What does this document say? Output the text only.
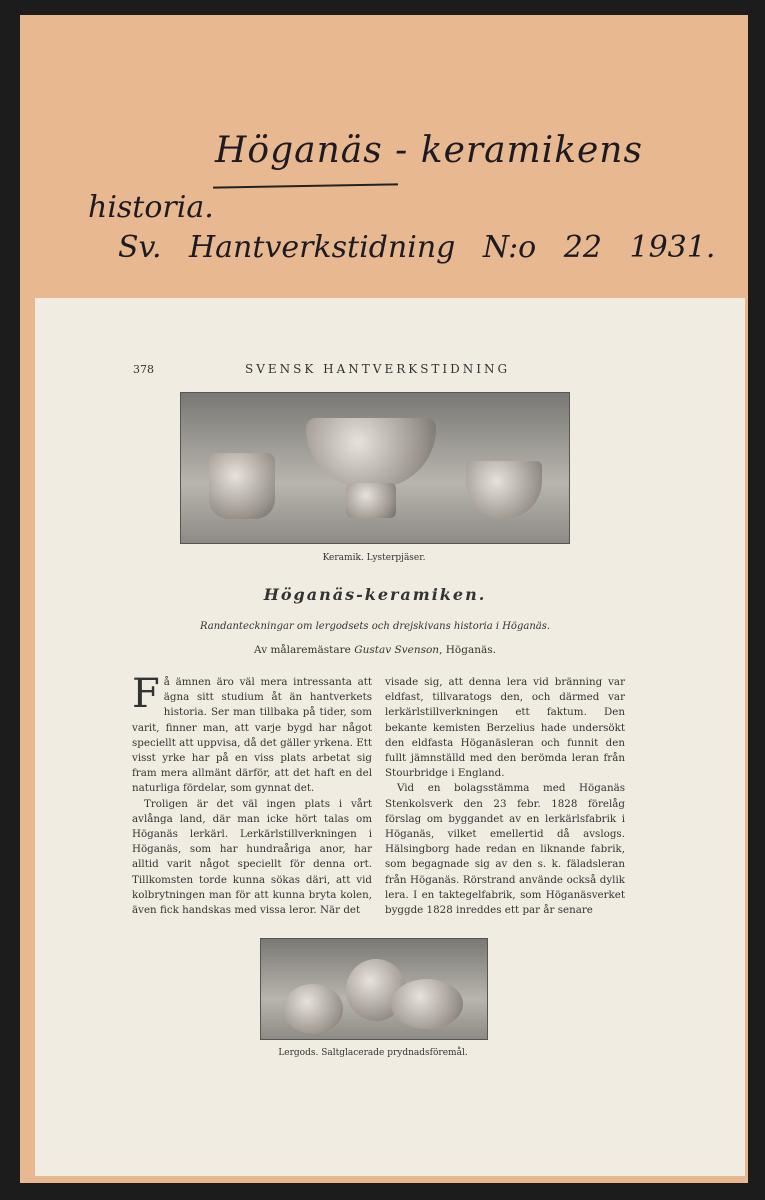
Höganäs - keramikens
historia.
Sv. Hantverkstidning N:o 22 1931.
378	SVENSK HANTVERKSTIDNING
Keramik. Lysterpjäser.
Höganäs-keramiken.
Randanteckningar om lergodsets och drejskivans historia i Höganäs.
Av målaremästare Gustav Svenson, Höganäs.

Få ämnen äro väl mera intressanta att ägna sitt studium åt än hantverkets historia. Ser man tillbaka på tider, som varit, finner man, att varje bygd har något speciellt att uppvisa, då det gäller yrkena. Ett visst yrke har på en viss plats arbetat sig fram mera allmänt därför, att det haft en del naturliga fördelar, som gynnat det.

Troligen är det väl ingen plats i vårt avlånga land, där man icke hört talas om Höganäs lerkärl. Lerkärlstillverkningen i Höganäs, som har hundraåriga anor, har alltid varit något speciellt för denna ort. Tillkomsten torde kunna sökas däri, att vid kolbrytningen man för att kunna bryta kolen, även fick handskas med vissa leror. När det

visade sig, att denna lera vid bränning var eldfast, tillvaratogs den, och därmed var lerkärlstillverkningen ett faktum. Den bekante kemisten Berzelius hade undersökt den eldfasta Höganäsleran och funnit den fullt jämnställd med den berömda leran från Stourbridge i England.

Vid en bolagsstämma med Höganäs Stenkolsverk den 23 febr. 1828 förelåg förslag om byggandet av en lerkärlsfabrik i Höganäs, vilket emellertid då avslogs. Hälsingborg hade redan en liknande fabrik, som begagnade sig av den s. k. fäladsleran från Höganäs. Rörstrand använde också dylik lera. I en taktegelfabrik, som Höganäsverket byggde 1828 inreddes ett par år senare

Lergods. Saltglacerade prydnadsföremål.
